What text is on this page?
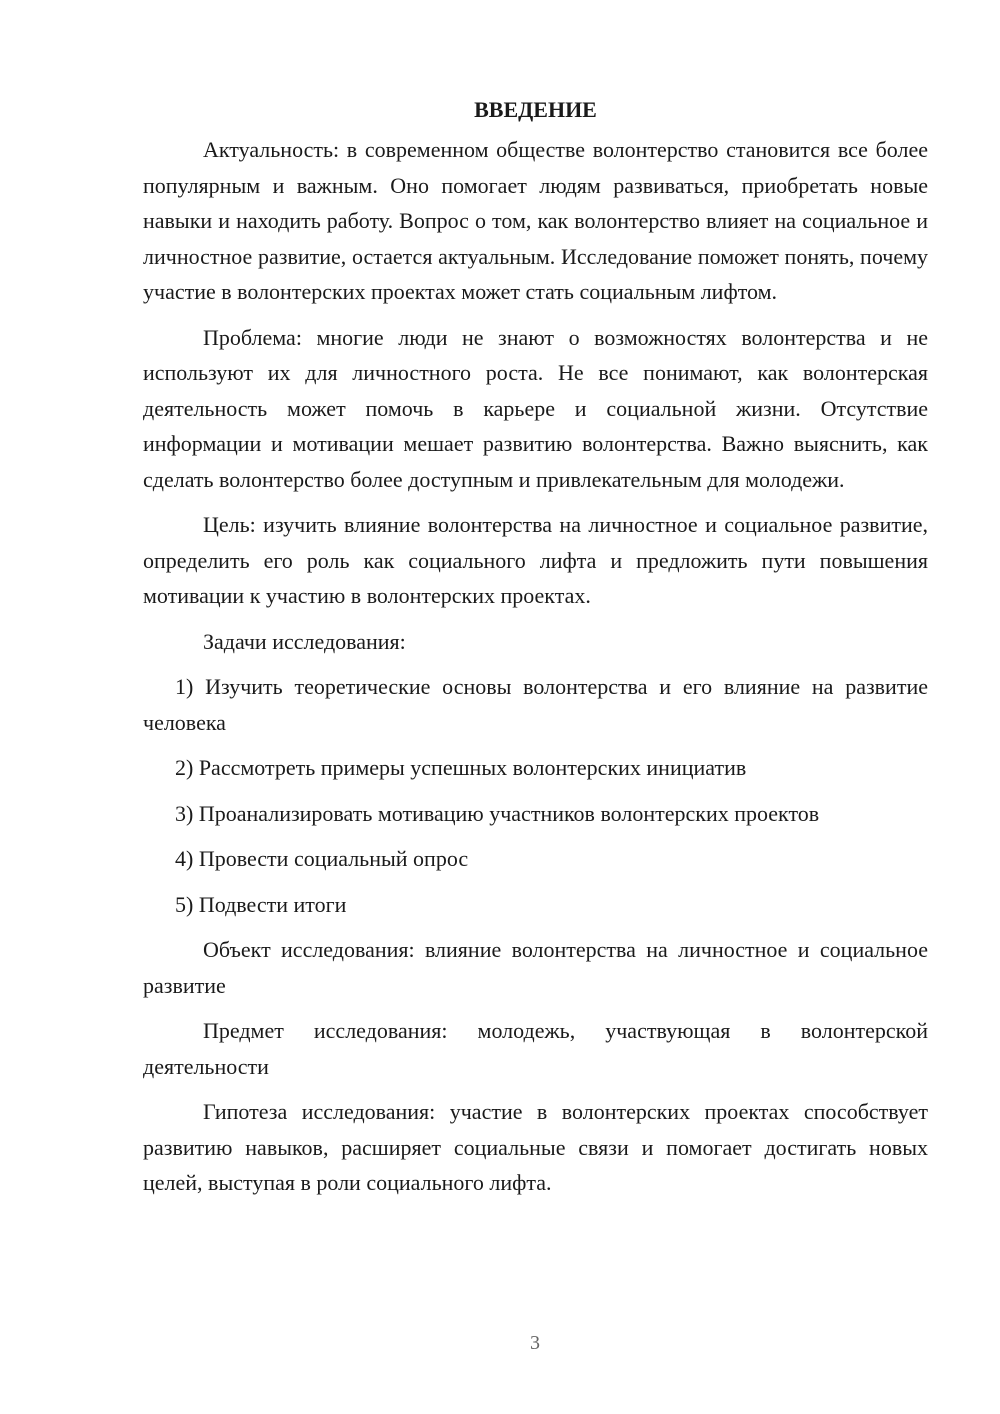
ВВЕДЕНИЕ

Актуальность: в современном обществе волонтерство становится все более популярным и важным. Оно помогает людям развиваться, приобретать новые навыки и находить работу. Вопрос о том, как волонтерство влияет на социальное и личностное развитие, остается актуальным. Исследование поможет понять, почему участие в волонтерских проектах может стать социальным лифтом.

Проблема: многие люди не знают о возможностях волонтерства и не используют их для личностного роста. Не все понимают, как волонтерская деятельность может помочь в карьере и социальной жизни. Отсутствие информации и мотивации мешает развитию волонтерства. Важно выяснить, как сделать волонтерство более доступным и привлекательным для молодежи.

Цель: изучить влияние волонтерства на личностное и социальное развитие, определить его роль как социального лифта и предложить пути повышения мотивации к участию в волонтерских проектах.

Задачи исследования:

1) Изучить теоретические основы волонтерства и его влияние на развитие человека

2) Рассмотреть примеры успешных волонтерских инициатив

3) Проанализировать мотивацию участников волонтерских проектов

4) Провести социальный опрос

5) Подвести итоги

Объект исследования: влияние волонтерства на личностное и социальное развитие

Предмет исследования: молодежь, участвующая в волонтерской деятельности

Гипотеза исследования: участие в волонтерских проектах способствует развитию навыков, расширяет социальные связи и помогает достигать новых целей, выступая в роли социального лифта.

3
